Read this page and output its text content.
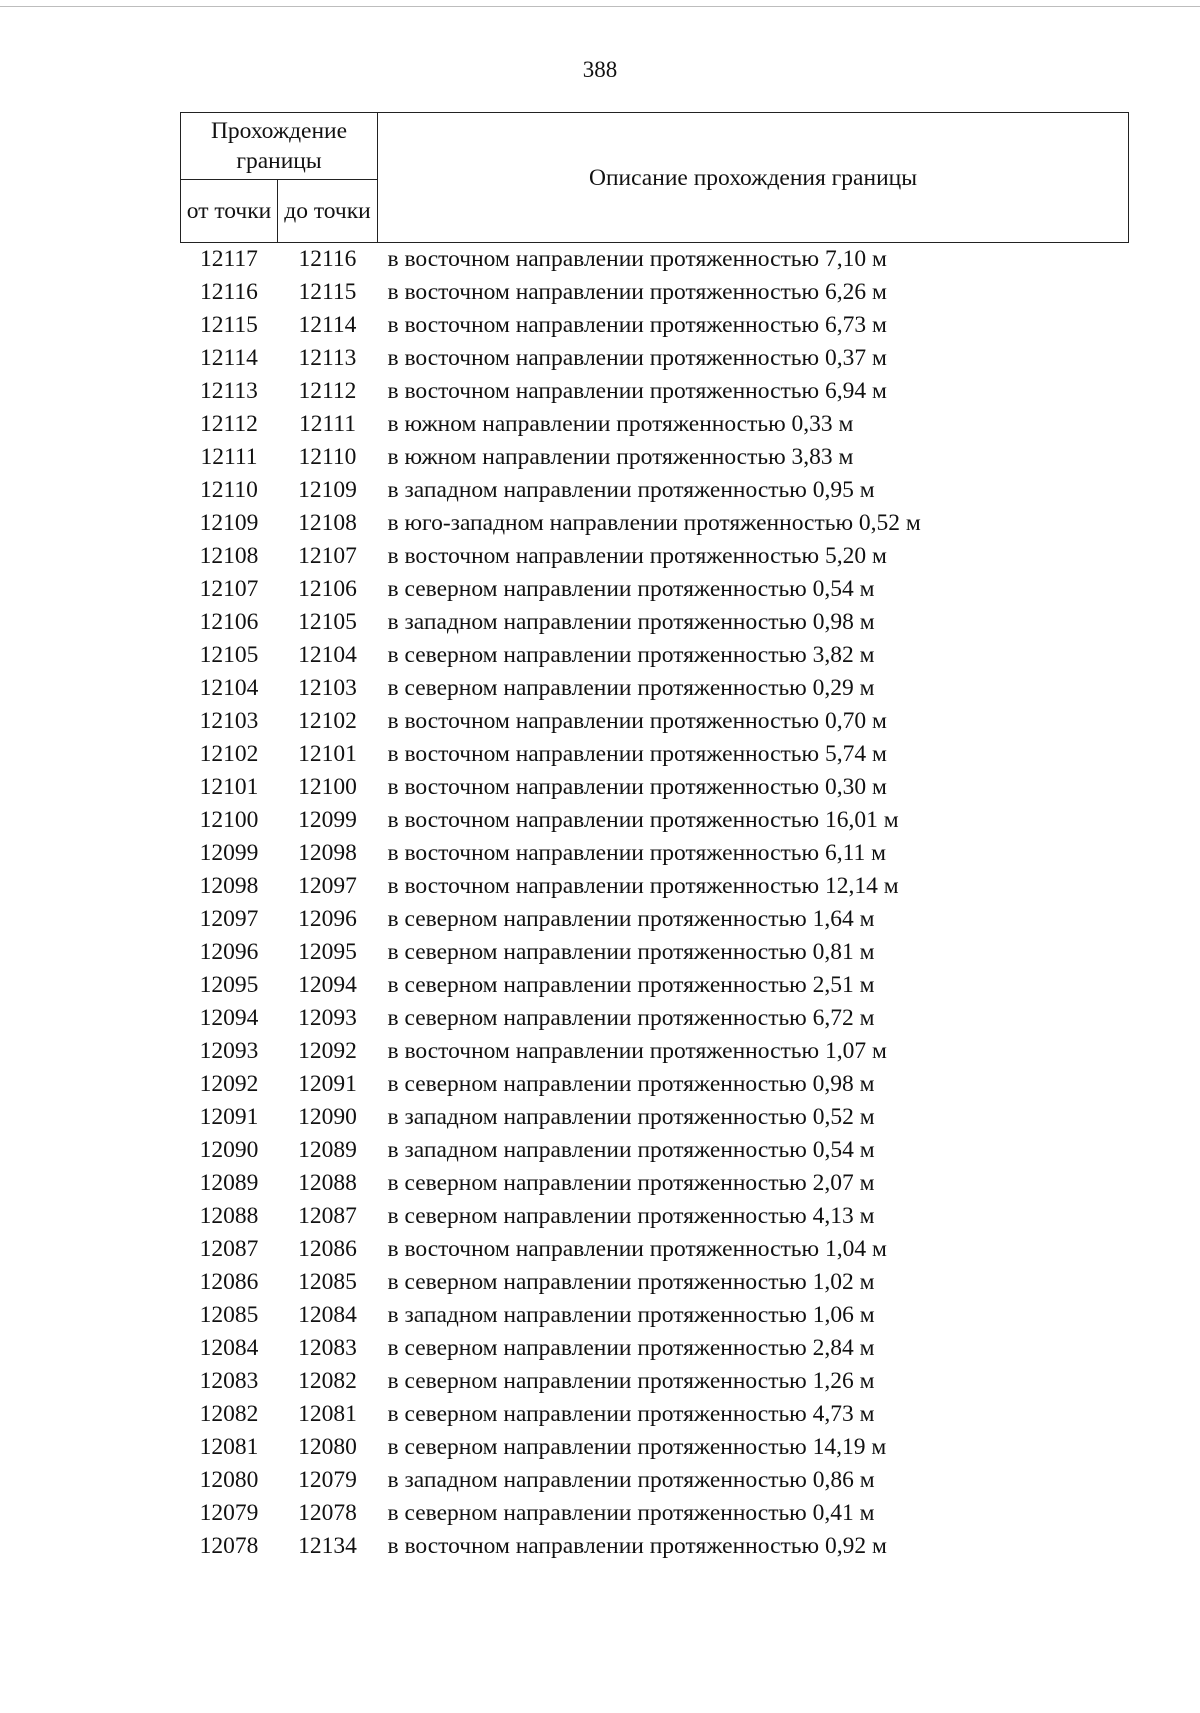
388
Прохождение границы		Описание прохождения границы
от точки	до точки	
12117	12116	в восточном направлении протяженностью 7,10 м
12116	12115	в восточном направлении протяженностью 6,26 м
12115	12114	в восточном направлении протяженностью 6,73 м
12114	12113	в восточном направлении протяженностью 0,37 м
12113	12112	в восточном направлении протяженностью 6,94 м
12112	12111	в южном направлении протяженностью 0,33 м
12111	12110	в южном направлении протяженностью 3,83 м
12110	12109	в западном направлении протяженностью 0,95 м
12109	12108	в юго-западном направлении протяженностью 0,52 м
12108	12107	в восточном направлении протяженностью 5,20 м
12107	12106	в северном направлении протяженностью 0,54 м
12106	12105	в западном направлении протяженностью 0,98 м
12105	12104	в северном направлении протяженностью 3,82 м
12104	12103	в северном направлении протяженностью 0,29 м
12103	12102	в восточном направлении протяженностью 0,70 м
12102	12101	в восточном направлении протяженностью 5,74 м
12101	12100	в восточном направлении протяженностью 0,30 м
12100	12099	в восточном направлении протяженностью 16,01 м
12099	12098	в восточном направлении протяженностью 6,11 м
12098	12097	в восточном направлении протяженностью 12,14 м
12097	12096	в северном направлении протяженностью 1,64 м
12096	12095	в северном направлении протяженностью 0,81 м
12095	12094	в северном направлении протяженностью 2,51 м
12094	12093	в северном направлении протяженностью 6,72 м
12093	12092	в восточном направлении протяженностью 1,07 м
12092	12091	в северном направлении протяженностью 0,98 м
12091	12090	в западном направлении протяженностью 0,52 м
12090	12089	в западном направлении протяженностью 0,54 м
12089	12088	в северном направлении протяженностью 2,07 м
12088	12087	в северном направлении протяженностью 4,13 м
12087	12086	в восточном направлении протяженностью 1,04 м
12086	12085	в северном направлении протяженностью 1,02 м
12085	12084	в западном направлении протяженностью 1,06 м
12084	12083	в северном направлении протяженностью 2,84 м
12083	12082	в северном направлении протяженностью 1,26 м
12082	12081	в северном направлении протяженностью 4,73 м
12081	12080	в северном направлении протяженностью 14,19 м
12080	12079	в западном направлении протяженностью 0,86 м
12079	12078	в северном направлении протяженностью 0,41 м
12078	12134	в восточном направлении протяженностью 0,92 м
